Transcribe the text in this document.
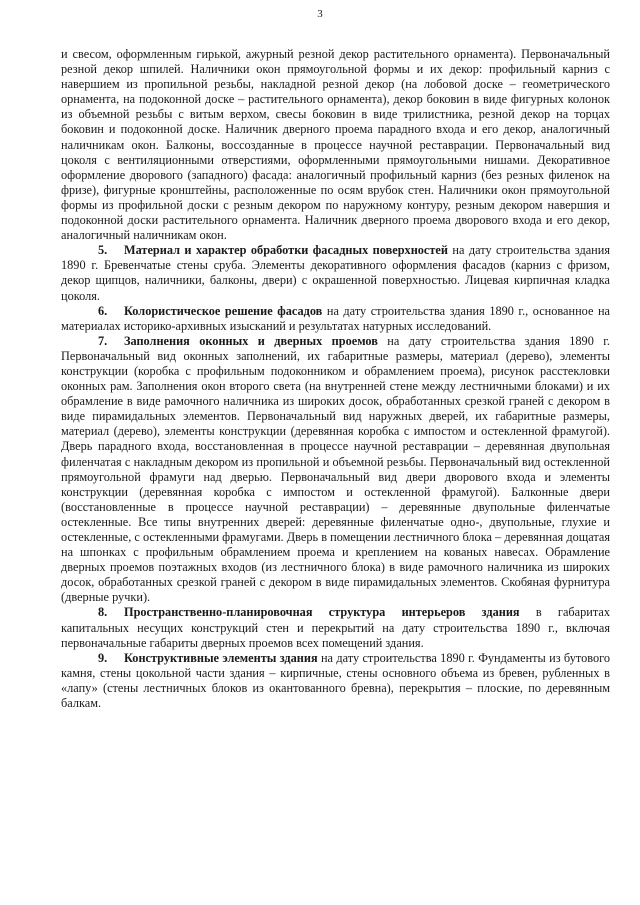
3

и свесом, оформленным гирькой, ажурный резной декор растительного орнамента). Первоначальный резной декор шпилей. Наличники окон прямоугольной формы и их декор: профильный карниз с навершием из пропильной резьбы, накладной резной декор (на лобовой доске – геометрического орнамента, на подоконной доске – растительного орнамента), декор боковин в виде фигурных колонок из объемной резьбы с витым верхом, свесы боковин в виде трилистника, резной декор на торцах боковин и подоконной доске. Наличник дверного проема парадного входа и его декор, аналогичный наличникам окон. Балконы, воссозданные в процессе научной реставрации. Первоначальный вид цоколя с вентиляционными отверстиями, оформленными прямоугольными нишами. Декоративное оформление дворового (западного) фасада: аналогичный профильный карниз (без резных филенок на фризе), фигурные кронштейны, расположенные по осям врубок стен. Наличники окон прямоугольной формы из профильной доски с резным декором по наружному контуру, резным декором навершия и подоконной доски растительного орнамента. Наличник дверного проема дворового входа и его декор, аналогичный наличникам окон.

5. Материал и характер обработки фасадных поверхностей на дату строительства здания 1890 г. Бревенчатые стены сруба. Элементы декоративного оформления фасадов (карниз с фризом, декор щипцов, наличники, балконы, двери) с окрашенной поверхностью. Лицевая кирпичная кладка цоколя.

6. Колористическое решение фасадов на дату строительства здания 1890 г., основанное на материалах историко-архивных изысканий и результатах натурных исследований.

7. Заполнения оконных и дверных проемов на дату строительства здания 1890 г. Первоначальный вид оконных заполнений, их габаритные размеры, материал (дерево), элементы конструкции (коробка с профильным подоконником и обрамлением проема), рисунок расстекловки оконных рам. Заполнения окон второго света (на внутренней стене между лестничными блоками) и их обрамление в виде рамочного наличника из широких досок, обработанных срезкой граней с декором в виде пирамидальных элементов. Первоначальный вид наружных дверей, их габаритные размеры, материал (дерево), элементы конструкции (деревянная коробка с импостом и остекленной фрамугой). Дверь парадного входа, восстановленная в процессе научной реставрации – деревянная двупольная филенчатая с накладным декором из пропильной и объемной резьбы. Первоначальный вид остекленной прямоугольной фрамуги над дверью. Первоначальный вид двери дворового входа и элементы конструкции (деревянная коробка с импостом и остекленной фрамугой). Балконные двери (восстановленные в процессе научной реставрации) – деревянные двупольные филенчатые остекленные. Все типы внутренних дверей: деревянные филенчатые одно-, двупольные, глухие и остекленные, с остекленными фрамугами. Дверь в помещении лестничного блока – деревянная дощатая на шпонках с профильным обрамлением проема и креплением на кованых навесах. Обрамление дверных проемов поэтажных входов (из лестничного блока) в виде рамочного наличника из широких досок, обработанных срезкой граней с декором в виде пирамидальных элементов. Скобяная фурнитура (дверные ручки).

8. Пространственно-планировочная структура интерьеров здания в габаритах капитальных несущих конструкций стен и перекрытий на дату строительства 1890 г., включая первоначальные габариты дверных проемов всех помещений здания.

9. Конструктивные элементы здания на дату строительства 1890 г. Фундаменты из бутового камня, стены цокольной части здания – кирпичные, стены основного объема из бревен, рубленных в «лапу» (стены лестничных блоков из окантованного бревна), перекрытия – плоские, по деревянным балкам.
